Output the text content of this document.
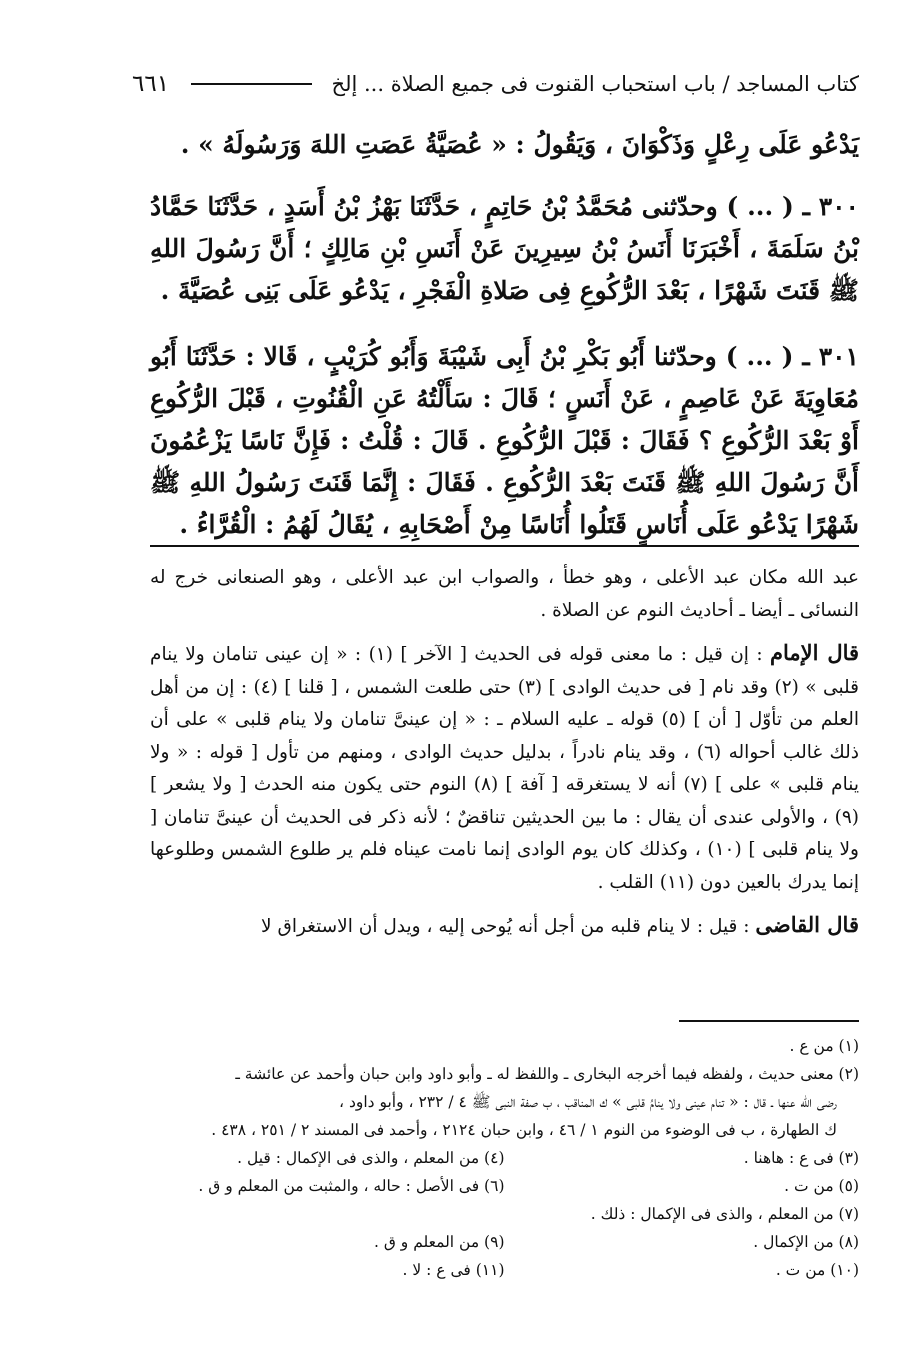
كتاب المساجد / باب استحباب القنوت فى جميع الصلاة ... إلخ
٦٦١

يَدْعُو عَلَى رِعْلٍ وَذَكْوَانَ ، وَيَقُولُ : « عُصَيَّةُ عَصَتِ اللهَ وَرَسُولَهُ » .

٣٠٠ ـ ( ... ) وحدّثنى مُحَمَّدُ بْنُ حَاتِمٍ ، حَدَّثَنَا بَهْزُ بْنُ أَسَدٍ ، حَدَّثَنَا حَمَّادُ بْنُ سَلَمَةَ ، أَخْبَرَنَا أَنَسُ بْنُ سِيرِينَ عَنْ أَنَسِ بْنِ مَالِكٍ ؛ أَنَّ رَسُولَ اللهِ ﷺ قَنَتَ شَهْرًا ، بَعْدَ الرُّكُوعِ فِى صَلاةِ الْفَجْرِ ، يَدْعُو عَلَى بَنِى عُصَيَّةَ .

٣٠١ ـ ( ... ) وحدّثنا أَبُو بَكْرِ بْنُ أَبِى شَيْبَةَ وَأَبُو كُرَيْبٍ ، قَالا : حَدَّثَنَا أَبُو مُعَاوِيَةَ عَنْ عَاصِمٍ ، عَنْ أَنَسٍ ؛ قَالَ : سَأَلْتُهُ عَنِ الْقُنُوتِ ، قَبْلَ الرُّكُوعِ أَوْ بَعْدَ الرُّكُوعِ ؟ فَقَالَ : قَبْلَ الرُّكُوعِ . قَالَ : قُلْتُ : فَإِنَّ نَاسًا يَزْعُمُونَ أَنَّ رَسُولَ اللهِ ﷺ قَنَتَ بَعْدَ الرُّكُوعِ . فَقَالَ : إِنَّمَا قَنَتَ رَسُولُ اللهِ ﷺ شَهْرًا يَدْعُو عَلَى أُنَاسٍ قَتَلُوا أُنَاسًا مِنْ أَصْحَابِهِ ، يُقَالُ لَهُمُ : الْقُرَّاءُ .

عبد الله مكان عبد الأعلى ، وهو خطأ ، والصواب ابن عبد الأعلى ، وهو الصنعانى خرج له النسائى ـ أيضا ـ أحاديث النوم عن الصلاة .

قال الإمام : إن قيل : ما معنى قوله فى الحديث [ الآخر ] (١) : « إن عينى تنامان ولا ينام قلبى » (٢) وقد نام [ فى حديث الوادى ] (٣) حتى طلعت الشمس ، [ قلنا ] (٤) : إن من أهل العلم من تأوّل [ أن ] (٥) قوله ـ عليه السلام ـ : « إن عينىَّ تنامان ولا ينام قلبى » على أن ذلك غالب أحواله (٦) ، وقد ينام نادراً ، بدليل حديث الوادى ، ومنهم من تأول [ قوله : « ولا ينام قلبى » على ] (٧) أنه لا يستغرقه [ آفة ] (٨) النوم حتى يكون منه الحدث [ ولا يشعر ] (٩) ، والأولى عندى أن يقال : ما بين الحديثين تناقضٌ ؛ لأنه ذكر فى الحديث أن عينىَّ تنامان [ ولا ينام قلبى ] (١٠) ، وكذلك كان يوم الوادى إنما نامت عيناه فلم ير طلوع الشمس وطلوعها إنما يدرك بالعين دون (١١) القلب .

قال القاضى : قيل : لا ينام قلبه من أجل أنه يُوحى إليه ، ويدل أن الاستغراق لا

(١) من ع .
(٢) معنى حديث ، ولفظه فيما أخرجه البخارى ـ واللفظ له ـ وأبو داود وابن حبان وأحمد عن عائشة ـ
رضى الله عنها ـ قال : « تنام عينى ولا ينامُ قلبى » ك المناقب ، ب صفة النبى ﷺ ٤ / ٢٣٢ ، وأبو داود ،
ك الطهارة ، ب فى الوضوء من النوم ١ / ٤٦ ، وابن حبان ٢١٢٤ ، وأحمد فى المسند ٢ / ٢٥١ ، ٤٣٨ .
(٣) فى ع : هاهنا .
(٤) من المعلم ، والذى فى الإكمال : قيل .
(٥) من ت .
(٦) فى الأصل : حاله ، والمثبت من المعلم و ق .
(٧) من المعلم ، والذى فى الإكمال : ذلك .
(٨) من الإكمال .
(٩) من المعلم و ق .
(١٠) من ت .
(١١) فى ع : لا .
